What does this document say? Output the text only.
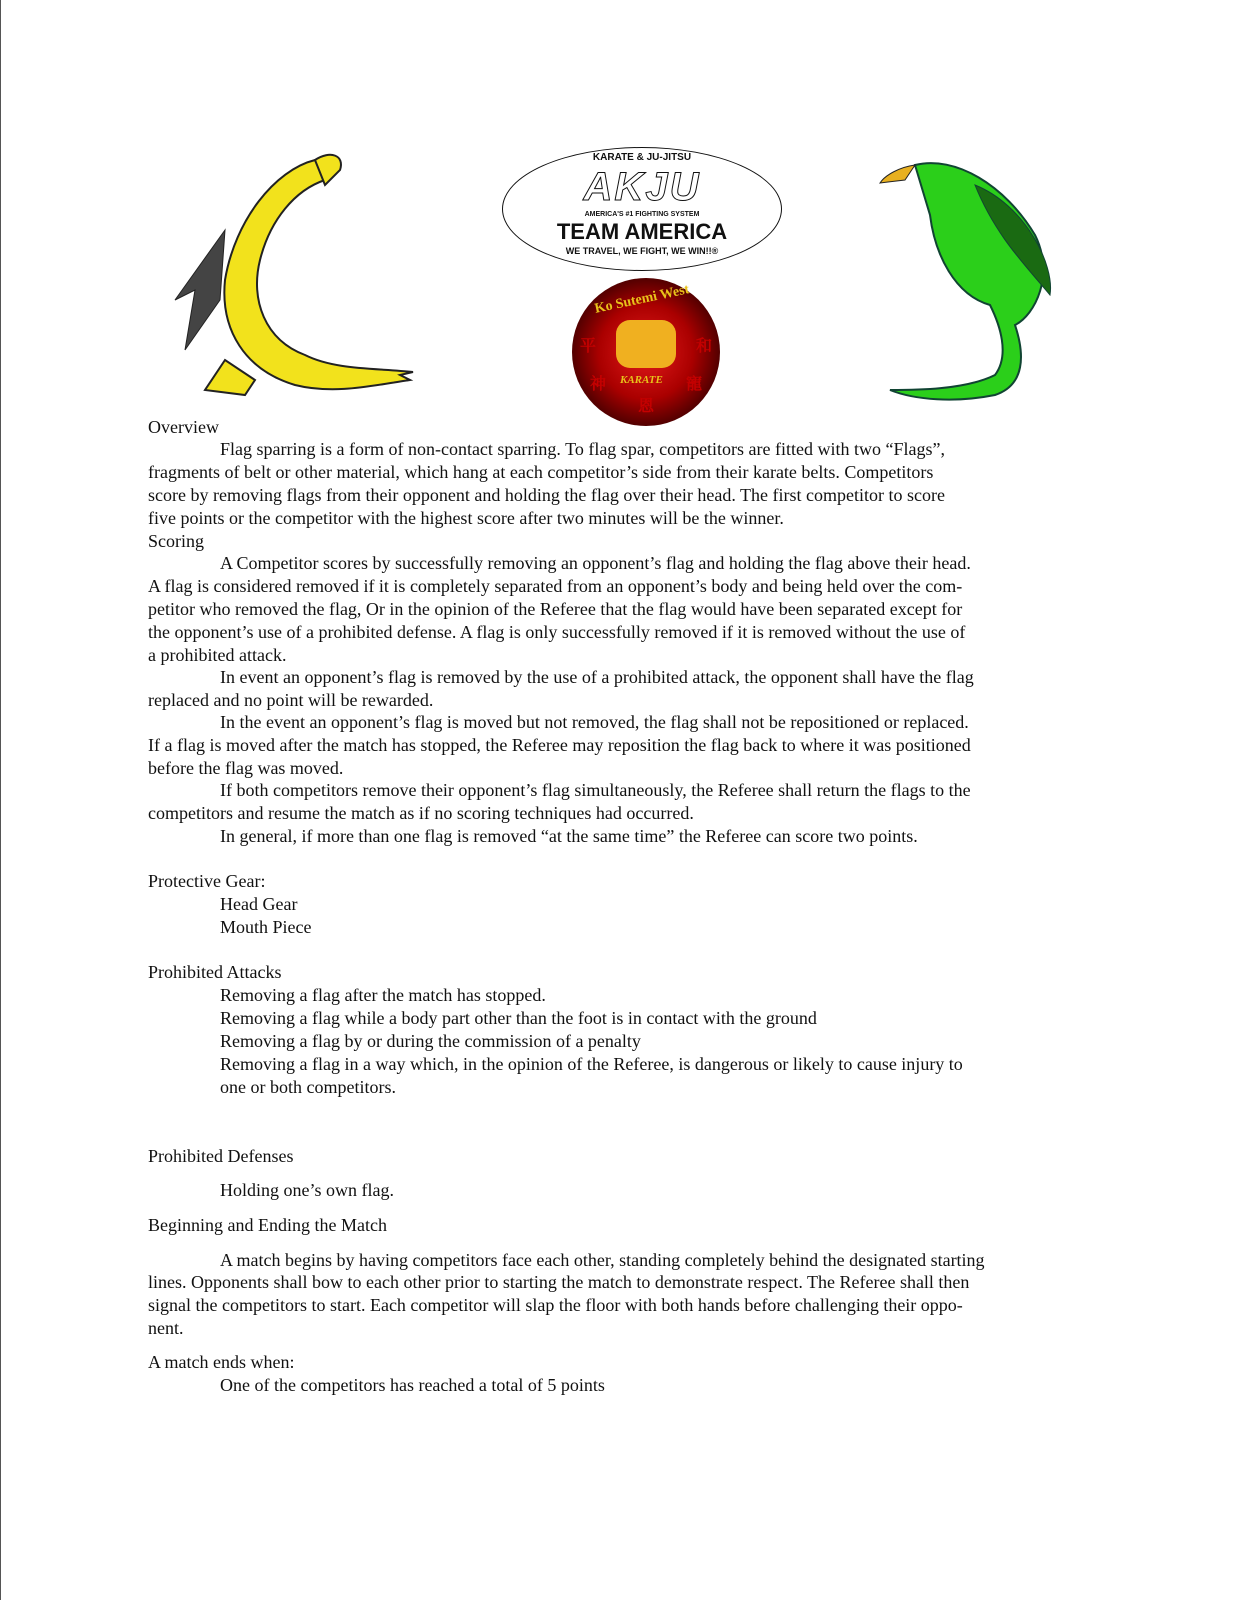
KARATE & JU-JITSU
AKJU
AMERICA'S #1 FIGHTING SYSTEM
TEAM AMERICA
WE TRAVEL, WE FIGHT, WE WIN!!®
Ko Sutemi West
KARATE
平	和
神	寵
恩
Overview
Flag sparring is a form of non-contact sparring. To flag spar, competitors are fitted with two “Flags”,
fragments of belt or other material, which hang at each competitor’s side from their karate belts. Competitors
score by removing flags from their opponent and holding the flag over their head. The first competitor to score
five points or the competitor with the highest score after two minutes will be the winner.
Scoring
A Competitor scores by successfully removing an opponent’s flag and holding the flag above their head.
A flag is considered removed if it is completely separated from an opponent’s body and being held over the com-
petitor who removed the flag, Or in the opinion of the Referee that the flag would have been separated except for
the opponent’s use of a prohibited defense. A flag is only successfully removed if it is removed without the use of
a prohibited attack.
In event an opponent’s flag is removed by the use of a prohibited attack, the opponent shall have the flag
replaced and no point will be rewarded.
In the event an opponent’s flag is moved but not removed, the flag shall not be repositioned or replaced.
If a flag is moved after the match has stopped, the Referee may reposition the flag back to where it was positioned
before the flag was moved.
If both competitors remove their opponent’s flag simultaneously, the Referee shall return the flags to the
competitors and resume the match as if no scoring techniques had occurred.
In general, if more than one flag is removed “at the same time” the Referee can score two points.
Protective Gear:
Head Gear
Mouth Piece
Prohibited Attacks
Removing a flag after the match has stopped.
Removing a flag while a body part other than the foot is in contact with the ground
Removing a flag by or during the commission of a penalty
Removing a flag in a way which, in the opinion of the Referee, is dangerous or likely to cause injury to
one or both competitors.
Prohibited Defenses
Holding one’s own flag.
Beginning and Ending the Match
A match begins by having competitors face each other, standing completely behind the designated starting
lines. Opponents shall bow to each other prior to starting the match to demonstrate respect. The Referee shall then
signal the competitors to start. Each competitor will slap the floor with both hands before challenging their oppo-
nent.
A match ends when:
One of the competitors has reached a total of 5 points
